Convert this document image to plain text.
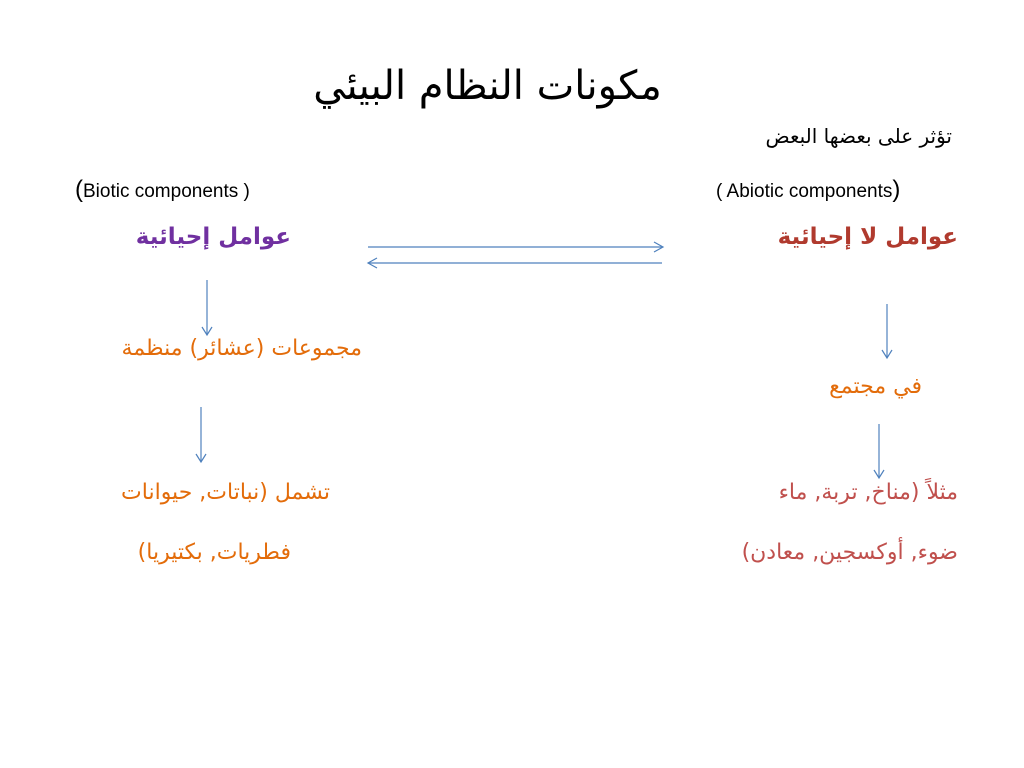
مكونات النظام البيئي
تؤثر على بعضها البعض
(Biotic components )	( Abiotic components)
عوامل إحيائية	عوامل لا إحيائية
مجموعات (عشائر) منظمة
في مجتمع
تشمل (نباتات, حيوانات
فطريات, بكتيريا)
مثلاً (مناخ, تربة, ماء
ضوء, أوكسجين, معادن)
